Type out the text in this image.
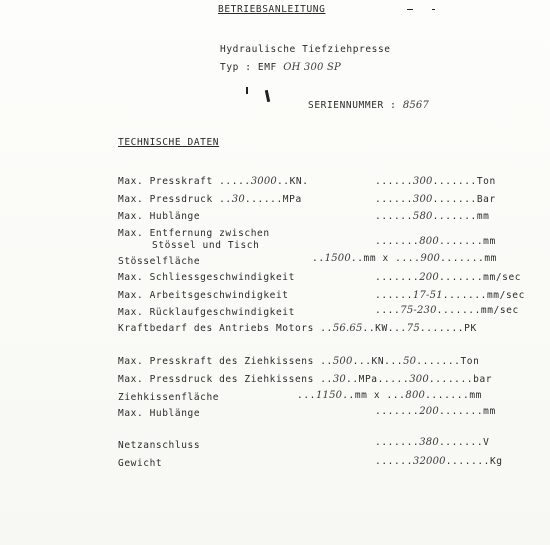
BETRIEBSANLEITUNG
Hydraulische Tiefziehpresse
Typ : EMF OH 300 SP
SERIENNUMMER : 8567
TECHNISCHE DATEN
Max. Presskraft .....3000..KN.	......300.......Ton
Max. Pressdruck ..30......MPa	......300.......Bar
Max. Hublänge	......580.......mm
Max. Entfernung zwischen
Stössel und Tisch	.......800.......mm
Stösselfläche	..1500..mm x ....900.......mm
Max. Schliessgeschwindigkeit	.......200.......mm/sec
Max. Arbeitsgeschwindigkeit	......17-51.......mm/sec
Max. Rücklaufgeschwindigkeit	....75-230.......mm/sec
Kraftbedarf des Antriebs Motors ..56.65..KW...75.......PK
Max. Presskraft des Ziehkissens ..500...KN...50.......Ton
Max. Pressdruck des Ziehkissens ..30..MPa.....300.......bar
Ziehkissenfläche	...1150..mm x ...800.......mm
Max. Hublänge	.......200.......mm
Netzanschluss	.......380.......V
Gewicht	......32000.......Kg
